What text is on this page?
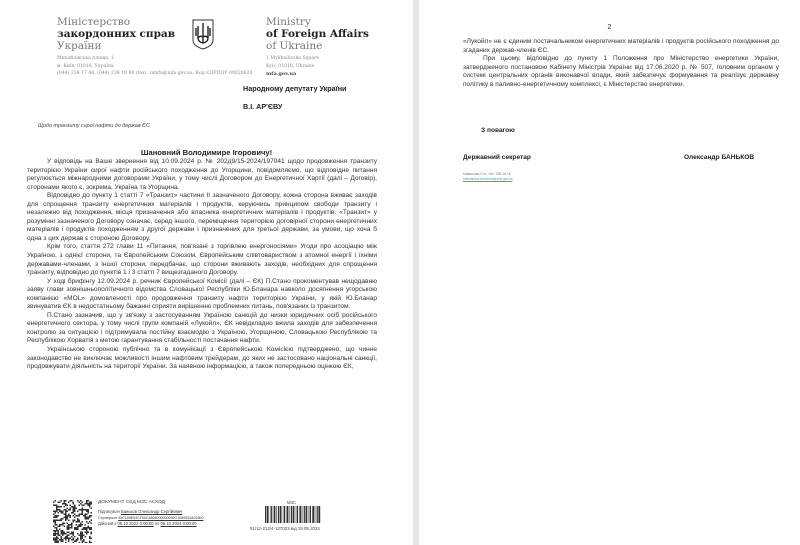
Міністерство
закордонних справ
України
Михайлівська площа, 1
м. Київ, 01018, Україна
(044) 238 17 48, (044) 238 18 88 (fax), zsmfa@mfa.gov.ua, Код ЄДРПОУ 00026620
Ministry
of Foreign Affairs
of Ukraine
1 Mykhailivska Square
Kyiv, 01018, Ukraine
mfa.gov.ua
Народному депутату України
В.І. АР'ЄВУ
Щодо транзиту сирої нафти до держав ЄС
Шановний Володимире Ігоровичу!

У відповідь на Ваше звернення від 10.09.2024 р. № 202д9/15-2024/197041 щодо продовження транзиту територією України сирої нафти російського походження до Угорщини, повідомляємо, що відповідне питання регулюється міжнародними договорами України, у тому числі Договором до Енергетичної Хартії (далі – Договір), сторонами якого є, зокрема, Україна та Угорщина.

Відповідно до пункту 1 статті 7 «Транзит» частини ІІ зазначеного Договору, кожна сторона вживає заходів для спрощення транзиту енергетичних матеріалів і продуктів, керуючись принципом свободи транзиту і незалежно від походження, місця призначення або власника енергетичних матеріалів і продуктів. «Транзит» у розумінні зазначеного Договору означає, серед іншого, переміщення територією договірної сторони енергетичних матеріалів і продуктів походженням з другої держави і призначених для третьої держави, за умови, що хоча б одна з цих держав є стороною Договору.

Крім того, стаття 272 глави 11 «Питання, пов'язані з торгівлею енергоносіями» Угоди про асоціацію між Україною, з однієї сторони, та Європейським Союзом, Європейським співтовариством з атомної енергії і їхніми державами-членами, з іншої сторони, передбачає, що сторони вживають заходів, необхідних для спрощення транзиту, відповідно до пунктів 1 і 3 статті 7 вищезгаданого Договору.

У ході брифінгу 12.09.2024 р. речник Європейської Комісії (далі – ЄК) П.Стано прокоментував нещодавню заяву глави зовнішньополітичного відомства Словацької Республіки Ю.Бланара навколо досягнення угорською компанією «MOL» домовленості про продовження транзиту нафти територією України, у якій Ю.Бланар звинуватив ЄК в недостатньому бажанні сприяти вирішенню проблемних питань, пов'язаних із транзитом.

П.Стано зазначив, що у зв'язку з застосуванням Україною санкцій до низки юридичних осіб російського енергетичного сектора, у тому числі групи компаній «Лукойл», ЄК невідкладно вжила заходів для забезпечення контролю за ситуацією і підтримувала постійну взаємодію з Україною, Угорщиною, Словацькою Республікою та Республікою Хорватія з метою гарантування стабільності постачання нафти.

Українською стороною публічно та в комунікації з Європейською Комісією підтверджено, що чинне законодавство не виключає можливості іншим нафтовим трейдерам, до яких не застосовано національні санкції, продовжувати діяльність на території України. За наявною інформацією, а також попередньою оцінкою ЄК,

ДОКУМЕНТ СЕД МЗС АСКОД
Підписувач Баньков Олександр Сергійович
Сертифікат 45C189E53CF00C4804000000036C1080003A01800
Дійсний з 05.10.2022 0:00:00 по 05.10.2024 0:00:00
МЗС
51/12-212/4-127023 від 19.09.2024
2

«Лукойл» не є єдиним постачальником енергетичних матеріалів і продуктів російського походження до згаданих держав-членів ЄС.

При цьому, відповідно до пункту 1 Положення про Міністерство енергетики України, затвердженого постановою Кабінету Міністрів України від 17.06.2020 р. № 507, головним органом у системі центральних органів виконавчої влади, який забезпечує формування та реалізує державну політику в паливно-енергетичному комплексі, є Міністерство енергетики.

З повагою
Державний секретар	Олександр БАНЬКОВ
Ковальова О.А., тел. 238-16-16
oleksandra.kovalova@mfa.gov.ua
